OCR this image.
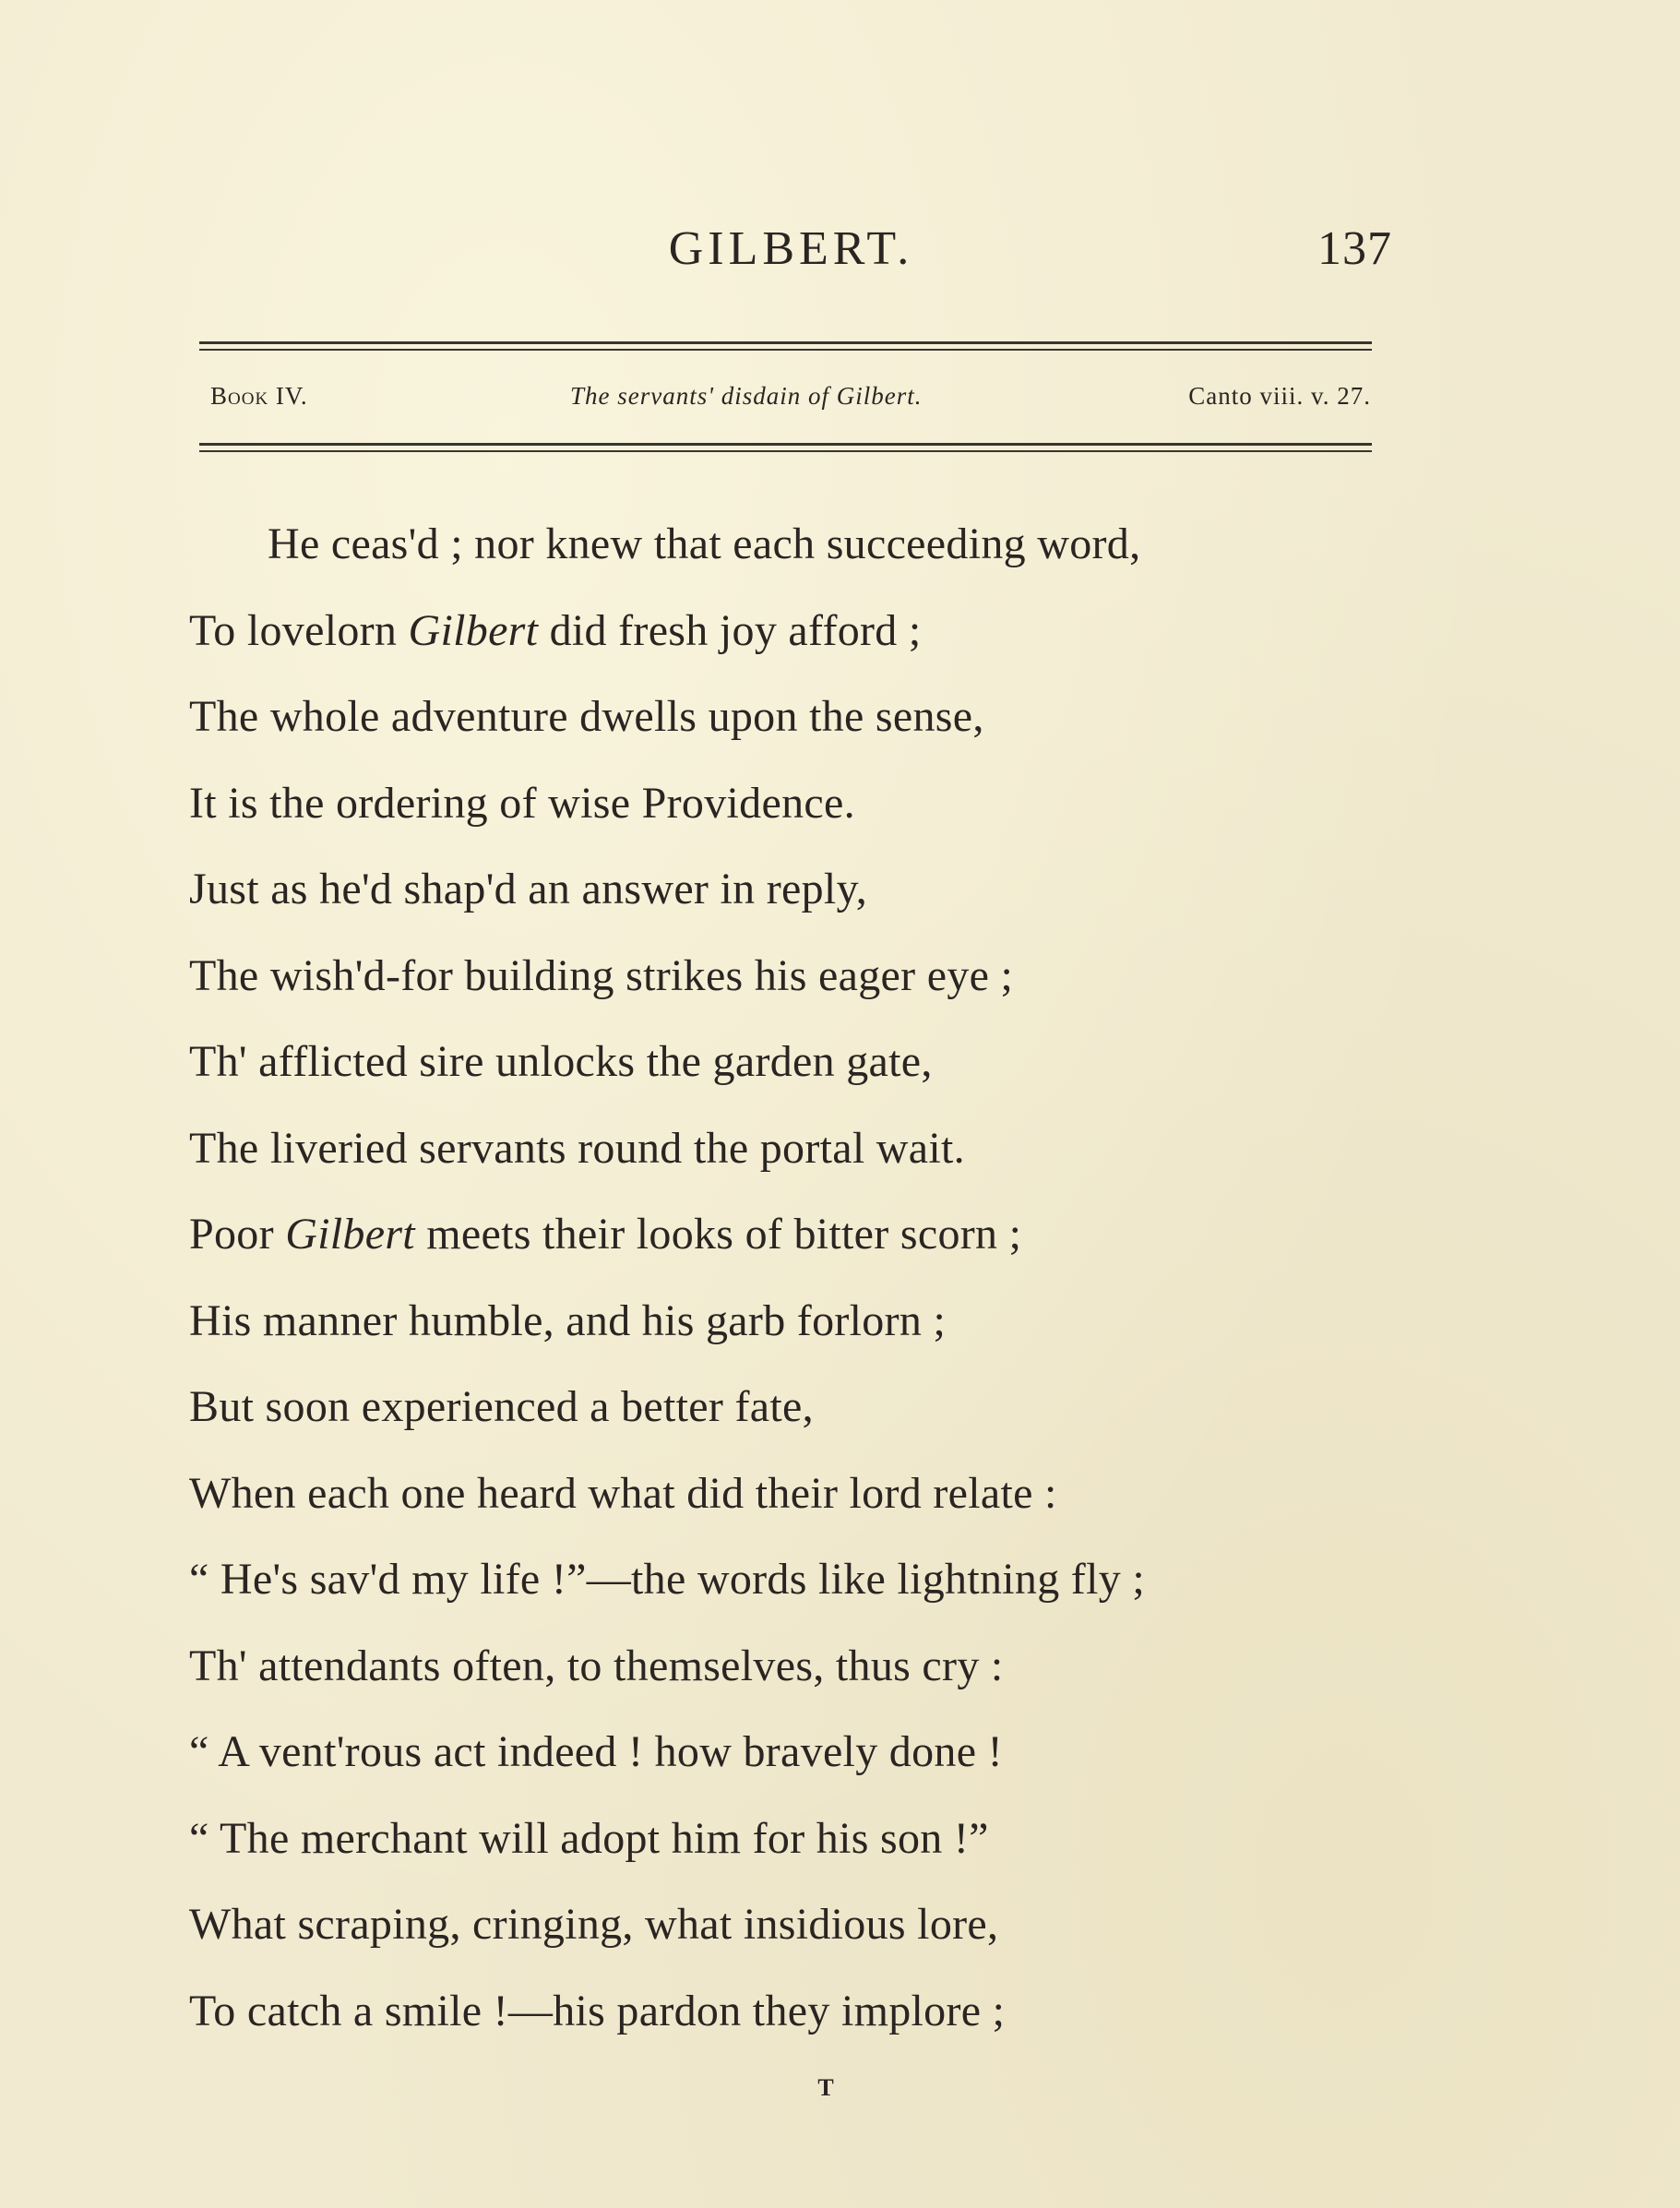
GILBERT.	137
Book IV.	The servants' disdain of Gilbert.	Canto viii. v. 27.
He ceas'd ; nor knew that each succeeding word,
To lovelorn Gilbert did fresh joy afford ;
The whole adventure dwells upon the sense,
It is the ordering of wise Providence.
Just as he'd shap'd an answer in reply,
The wish'd-for building strikes his eager eye ;
Th' afflicted sire unlocks the garden gate,
The liveried servants round the portal wait.
Poor Gilbert meets their looks of bitter scorn ;
His manner humble, and his garb forlorn ;
But soon experienced a better fate,
When each one heard what did their lord relate :
“ He's sav'd my life !”—the words like lightning fly ;
Th' attendants often, to themselves, thus cry :
“ A vent'rous act indeed ! how bravely done !
“ The merchant will adopt him for his son !”
What scraping, cringing, what insidious lore,
To catch a smile !—his pardon they implore ;
T
